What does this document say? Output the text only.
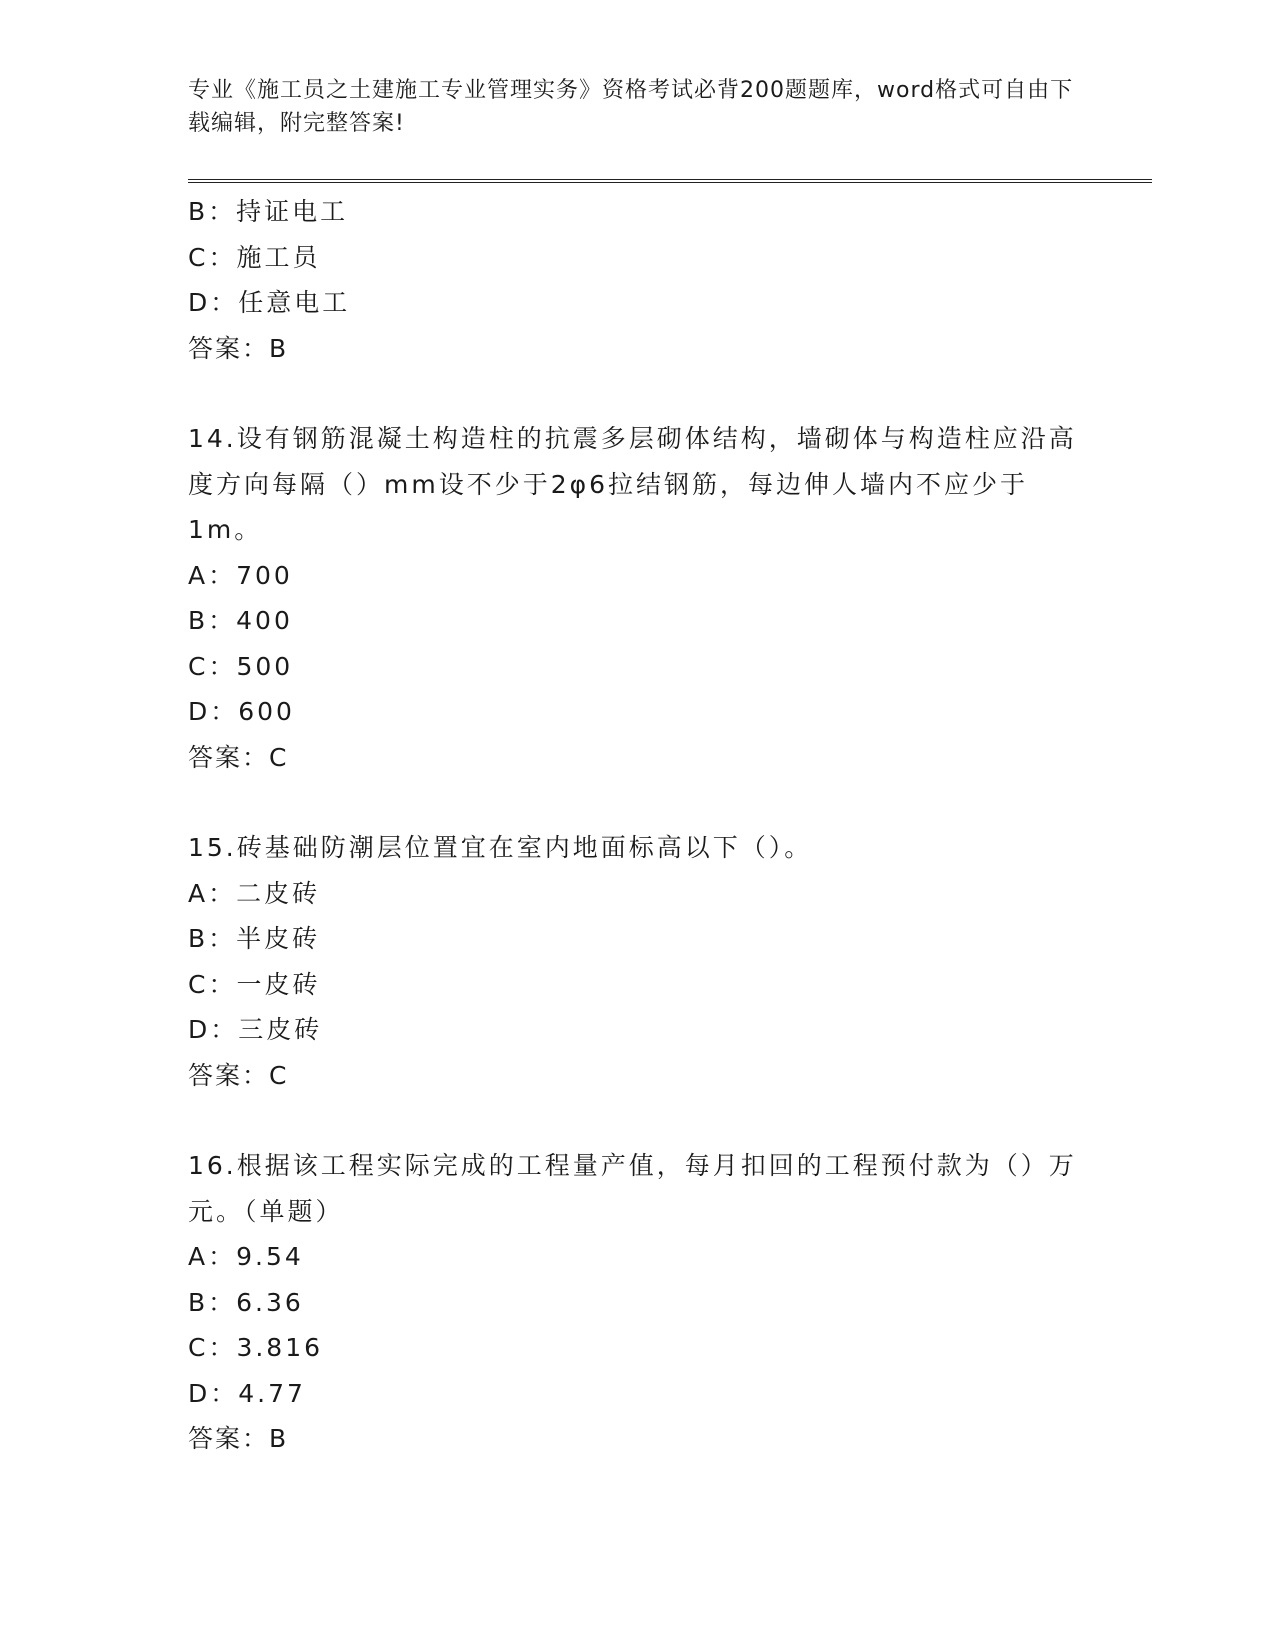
专业《施工员之土建施工专业管理实务》资格考试必背200题题库，word格式可自由下载编辑，附完整答案!
B：持证电工
C：施工员
D：任意电工
答案：B
14.设有钢筋混凝土构造柱的抗震多层砌体结构，墙砌体与构造柱应沿高度方向每隔（）mm设不少于2φ6拉结钢筋，每边伸人墙内不应少于1m。
A：700
B：400
C：500
D：600
答案：C
15.砖基础防潮层位置宜在室内地面标高以下（）。
A：二皮砖
B：半皮砖
C：一皮砖
D：三皮砖
答案：C
16.根据该工程实际完成的工程量产值，每月扣回的工程预付款为（）万元。（单题）
A：9.54
B：6.36
C：3.816
D：4.77
答案：B
